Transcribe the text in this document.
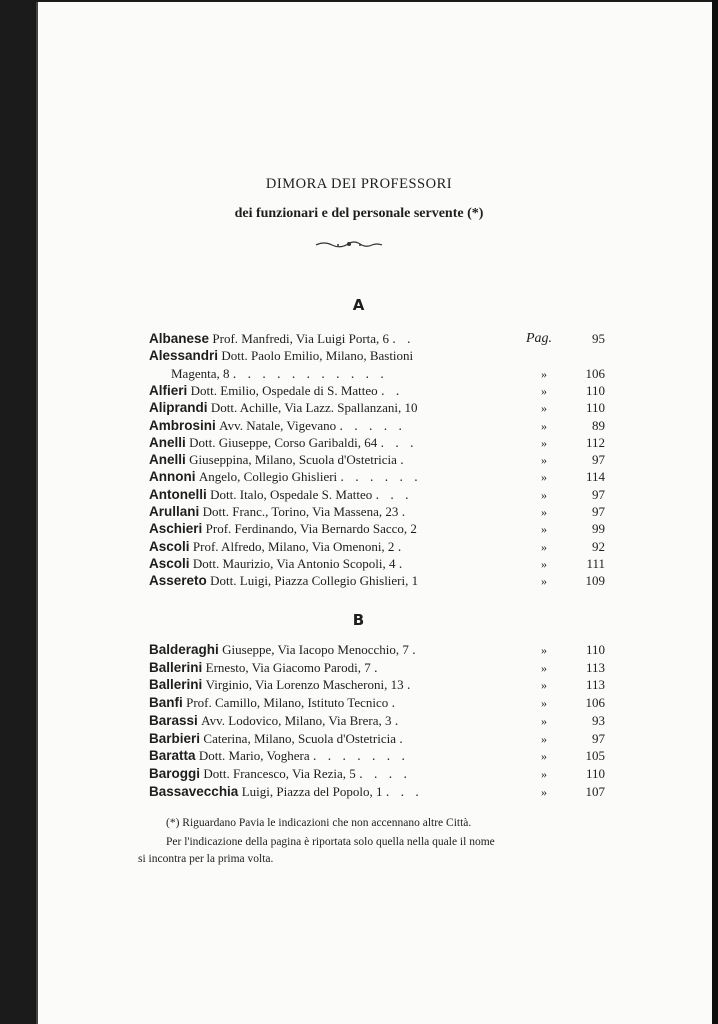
DIMORA DEI PROFESSORI
dei funzionari e del personale servente (*)
A
Albanese Prof. Manfredi, Via Luigi Porta, 6 . .	Pag.	95
Alessandri Dott. Paolo Emilio, Milano, Bastioni
Magenta, 8 . . . . . . . . . . .	»	106
Alfieri Dott. Emilio, Ospedale di S. Matteo . .	»	110
Aliprandi Dott. Achille, Via Lazz. Spallanzani, 10	»	110
Ambrosini Avv. Natale, Vigevano . . . . .	»	89
Anelli Dott. Giuseppe, Corso Garibaldi, 64 . . .	»	112
Anelli Giuseppina, Milano, Scuola d'Ostetricia .	»	97
Annoni Angelo, Collegio Ghislieri . . . . . .	»	114
Antonelli Dott. Italo, Ospedale S. Matteo . . .	»	97
Arullani Dott. Franc., Torino, Via Massena, 23 .	»	97
Aschieri Prof. Ferdinando, Via Bernardo Sacco, 2	»	99
Ascoli Prof. Alfredo, Milano, Via Omenoni, 2 .	»	92
Ascoli Dott. Maurizio, Via Antonio Scopoli, 4 .	»	111
Assereto Dott. Luigi, Piazza Collegio Ghislieri, 1	»	109
B
Balderaghi Giuseppe, Via Iacopo Menocchio, 7 .	»	110
Ballerini Ernesto, Via Giacomo Parodi, 7 .	»	113
Ballerini Virginio, Via Lorenzo Mascheroni, 13 .	»	113
Banfi Prof. Camillo, Milano, Istituto Tecnico .	»	106
Barassi Avv. Lodovico, Milano, Via Brera, 3 .	»	93
Barbieri Caterina, Milano, Scuola d'Ostetricia .	»	97
Baratta Dott. Mario, Voghera . . . . . . .	»	105
Baroggi Dott. Francesco, Via Rezia, 5 . . . .	»	110
Bassavecchia Luigi, Piazza del Popolo, 1 . . .	»	107
(*) Riguardano Pavia le indicazioni che non accennano altre Città.
Per l'indicazione della pagina è riportata solo quella nella quale il nome
si incontra per la prima volta.
